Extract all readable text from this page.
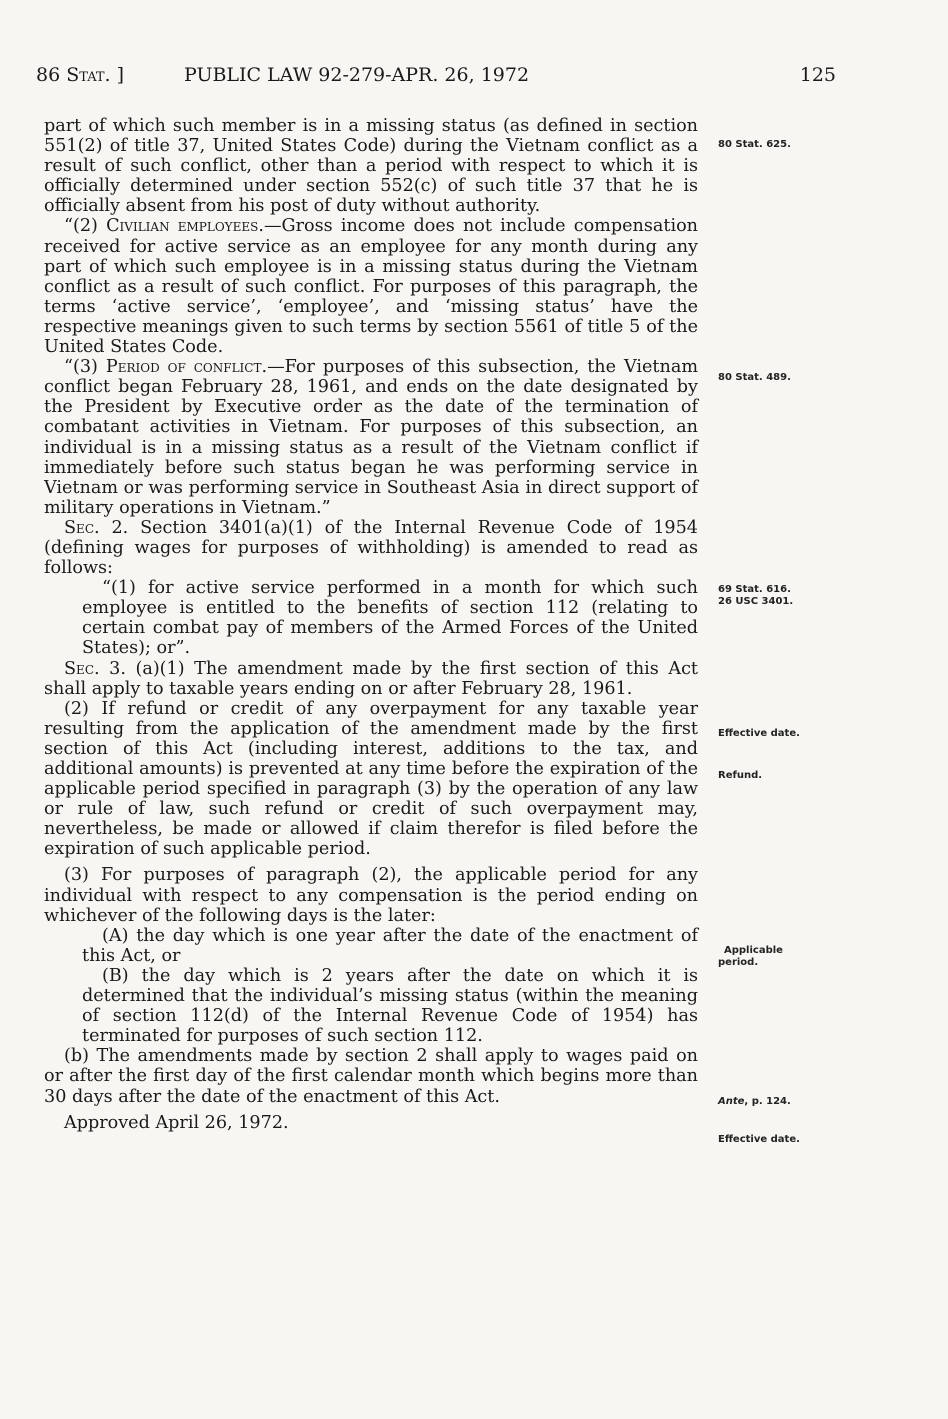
86 Stat. ]	PUBLIC LAW 92-279-APR. 26, 1972	125

part of which such member is in a missing status (as defined in section 551(2) of title 37, United States Code) during the Vietnam conflict as a result of such conflict, other than a period with respect to which it is officially determined under section 552(c) of such title 37 that he is officially absent from his post of duty without authority.

“(2) Civilian employees.—Gross income does not include compensation received for active service as an employee for any month during any part of which such employee is in a missing status during the Vietnam conflict as a result of such conflict. For purposes of this paragraph, the terms ‘active service’, ‘employee’, and ‘missing status’ have the respective meanings given to such terms by section 5561 of title 5 of the United States Code.

“(3) Period of conflict.—For purposes of this subsection, the Vietnam conflict began February 28, 1961, and ends on the date designated by the President by Executive order as the date of the termination of combatant activities in Vietnam. For purposes of this subsection, an individual is in a missing status as a result of the Vietnam conflict if immediately before such status began he was performing service in Vietnam or was performing service in Southeast Asia in direct support of military operations in Vietnam.”

Sec. 2. Section 3401(a)(1) of the Internal Revenue Code of 1954 (defining wages for purposes of withholding) is amended to read as follows:

“(1) for active service performed in a month for which such employee is entitled to the benefits of section 112 (relating to certain combat pay of members of the Armed Forces of the United States); or”.

Sec. 3. (a)(1) The amendment made by the first section of this Act shall apply to taxable years ending on or after February 28, 1961.

(2) If refund or credit of any overpayment for any taxable year resulting from the application of the amendment made by the first section of this Act (including interest, additions to the tax, and additional amounts) is prevented at any time before the expiration of the applicable period specified in paragraph (3) by the operation of any law or rule of law, such refund or credit of such overpayment may, nevertheless, be made or allowed if claim therefor is filed before the expiration of such applicable period.

(3) For purposes of paragraph (2), the applicable period for any individual with respect to any compensation is the period ending on whichever of the following days is the later:

(A) the day which is one year after the date of the enactment of this Act, or

(B) the day which is 2 years after the date on which it is determined that the individual’s missing status (within the meaning of section 112(d) of the Internal Revenue Code of 1954) has terminated for purposes of such section 112.

(b) The amendments made by section 2 shall apply to wages paid on or after the first day of the first calendar month which begins more than 30 days after the date of the enactment of this Act.

Approved April 26, 1972.

80 Stat. 625.
80 Stat. 489.
69 Stat. 616.
26 USC 3401.
Effective date.
Refund.
Applicable
period.
Ante, p. 124.
Effective date.
